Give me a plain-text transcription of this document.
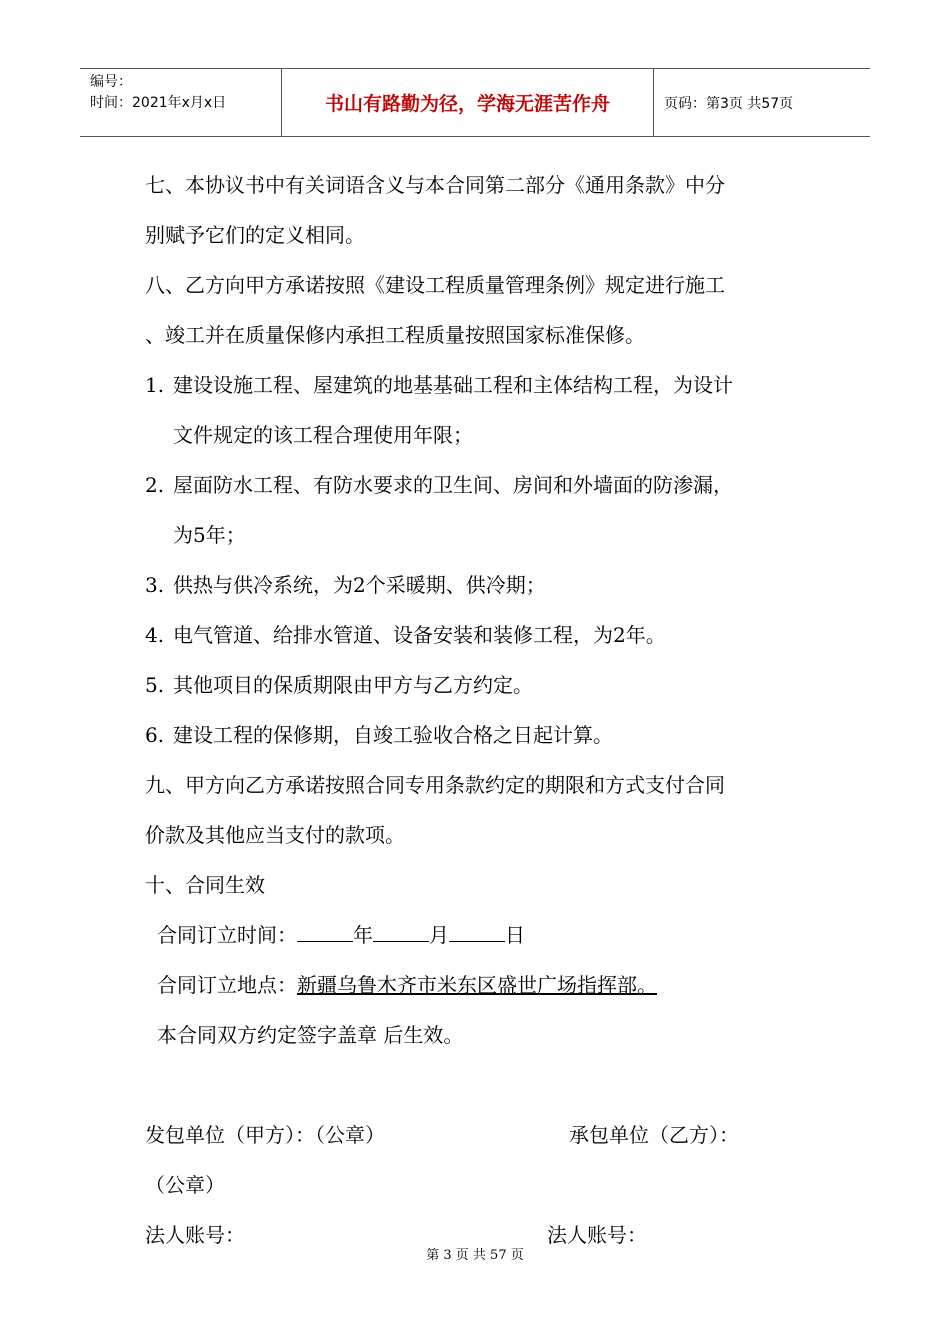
编号：
时间：2021年x月x日	书山有路勤为径，学海无涯苦作舟	页码：第3页 共57页
七、本协议书中有关词语含义与本合同第二部分《通用条款》中分
别赋予它们的定义相同。
八、乙方向甲方承诺按照《建设工程质量管理条例》规定进行施工
、竣工并在质量保修内承担工程质量按照国家标准保修。
1. 建设设施工程、屋建筑的地基基础工程和主体结构工程，为设计
文件规定的该工程合理使用年限；
2. 屋面防水工程、有防水要求的卫生间、房间和外墙面的防渗漏，
为5年；
3. 供热与供冷系统，为2个采暖期、供冷期；
4. 电气管道、给排水管道、设备安装和装修工程，为2年。
5. 其他项目的保质期限由甲方与乙方约定。
6. 建设工程的保修期，自竣工验收合格之日起计算。
九、甲方向乙方承诺按照合同专用条款约定的期限和方式支付合同
价款及其他应当支付的款项。
十、合同生效
合同订立时间：	年	月	日
合同订立地点：新疆乌鲁木齐市米东区盛世广场指挥部。
本合同双方约定签字盖章 后生效。
发包单位（甲方）：（公章）	承包单位（乙方）：
（公章）
法人账号：	法人账号：
第 3 页 共 57 页
